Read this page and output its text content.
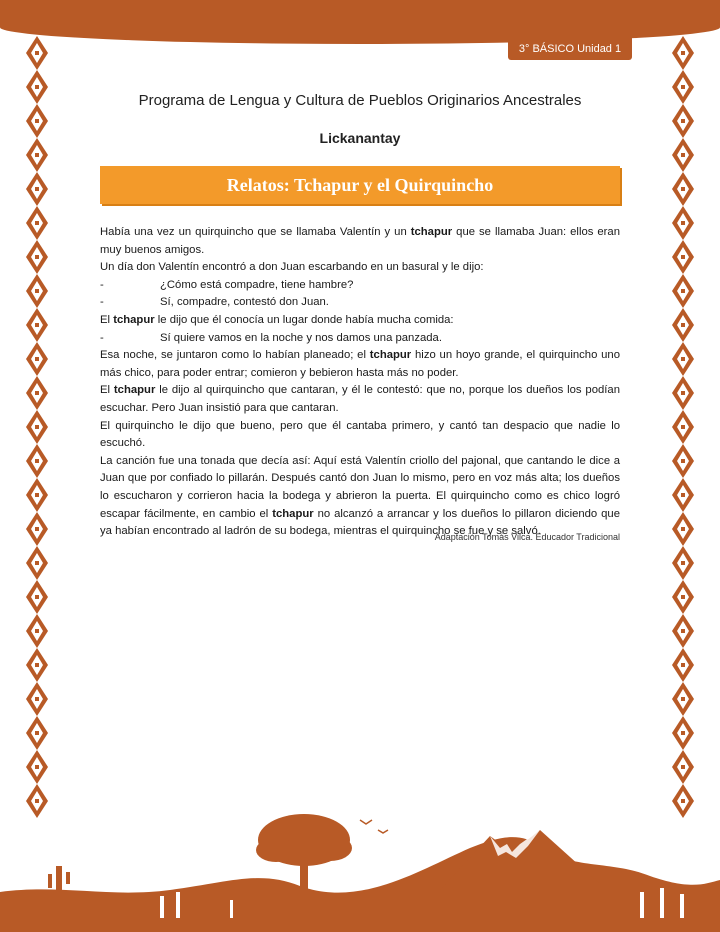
3° BÁSICO Unidad 1
Programa de Lengua y Cultura de Pueblos Originarios Ancestrales
Lickanantay
Relatos: Tchapur y el Quirquincho

Había una vez un quirquincho que se llamaba Valentín y un tchapur que se llamaba Juan: ellos eran muy buenos amigos.

Un día don Valentín encontró a don Juan escarbando en un basural y le dijo:

-	¿Cómo está compadre, tiene hambre?
-	Sí, compadre, contestó don Juan.

El tchapur le dijo que él conocía un lugar donde había mucha comida:

-	Sí quiere vamos en la noche y nos damos una panzada.

Esa noche, se juntaron como lo habían planeado; el tchapur hizo un hoyo grande, el quirquincho uno más chico, para poder entrar; comieron y bebieron hasta más no poder.

El tchapur le dijo al quirquincho que cantaran, y él le contestó: que no, porque los dueños los podían escuchar. Pero Juan insistió para que cantaran.

El quirquincho le dijo que bueno, pero que él cantaba primero, y cantó tan despacio que nadie lo escuchó.

La canción fue una tonada que decía así: Aquí está Valentín criollo del pajonal, que cantando le dice a Juan que por confiado lo pillarán. Después cantó don Juan lo mismo, pero en voz más alta; los dueños lo escucharon y corrieron hacia la bodega y abrieron la puerta. El quirquincho como es chico logró escapar fácilmente, en cambio el tchapur no alcanzó a arrancar y los dueños lo pillaron diciendo que ya habían encontrado al ladrón de su bodega, mientras el quirquincho se fue y se salvó.

Adaptación Tomás Vilca. Educador Tradicional
